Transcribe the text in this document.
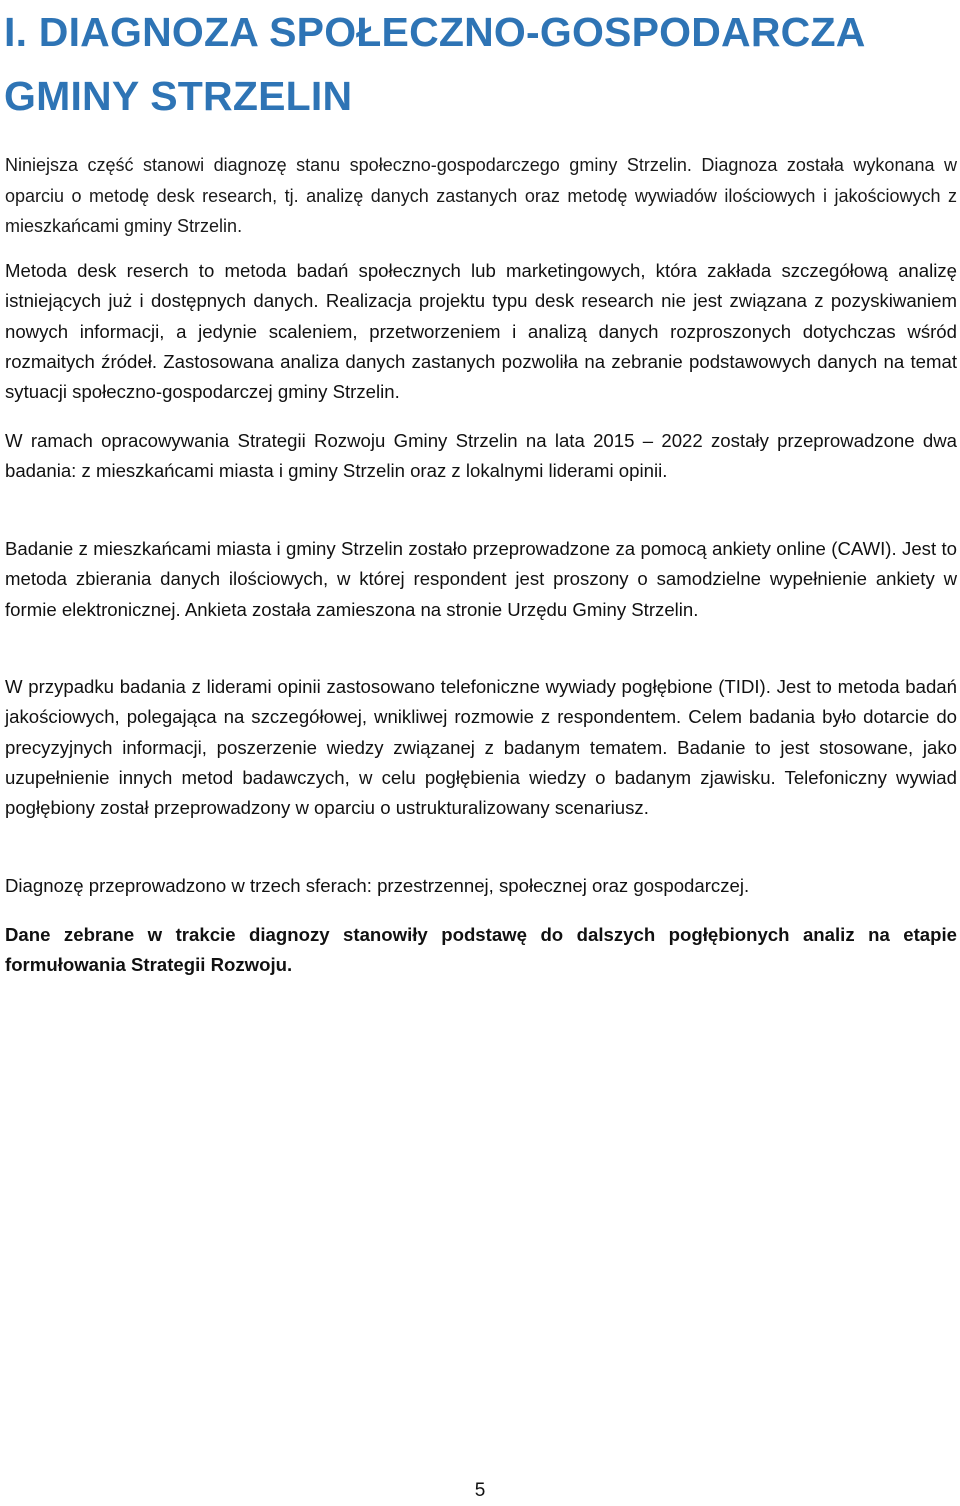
I. DIAGNOZA SPOŁECZNO-GOSPODARCZA GMINY STRZELIN

Niniejsza część stanowi diagnozę stanu społeczno-gospodarczego gminy Strzelin. Diagnoza została wykonana w oparciu o metodę desk research, tj. analizę danych zastanych oraz metodę wywiadów ilościowych i jakościowych z mieszkańcami gminy Strzelin.

Metoda desk reserch to metoda badań społecznych lub marketingowych, która zakłada szczegółową analizę istniejących już i dostępnych danych. Realizacja projektu typu desk research nie jest związana z pozyskiwaniem nowych informacji, a jedynie scaleniem, przetworzeniem i analizą danych rozproszonych dotychczas wśród rozmaitych źródeł. Zastosowana analiza danych zastanych pozwoliła na zebranie podstawowych danych na temat sytuacji społeczno-gospodarczej gminy Strzelin.

W ramach opracowywania Strategii Rozwoju Gminy Strzelin na lata 2015 – 2022 zostały przeprowadzone dwa badania: z mieszkańcami miasta i gminy Strzelin oraz z lokalnymi liderami opinii.

Badanie z mieszkańcami miasta i gminy Strzelin zostało przeprowadzone za pomocą ankiety online (CAWI). Jest to metoda zbierania danych ilościowych, w której respondent jest proszony o samodzielne wypełnienie ankiety w formie elektronicznej. Ankieta została zamieszona na stronie Urzędu Gminy Strzelin.

W przypadku badania z liderami opinii zastosowano telefoniczne wywiady pogłębione (TIDI). Jest to metoda badań jakościowych, polegająca na szczegółowej, wnikliwej rozmowie z respondentem. Celem badania było dotarcie do precyzyjnych informacji, poszerzenie wiedzy związanej z badanym tematem. Badanie to jest stosowane, jako uzupełnienie innych metod badawczych, w celu pogłębienia wiedzy o badanym zjawisku. Telefoniczny wywiad pogłębiony został przeprowadzony w oparciu o ustrukturalizowany scenariusz.

Diagnozę przeprowadzono w trzech sferach: przestrzennej, społecznej oraz gospodarczej.

Dane zebrane w trakcie diagnozy stanowiły podstawę do dalszych pogłębionych analiz na etapie formułowania Strategii Rozwoju.

5
